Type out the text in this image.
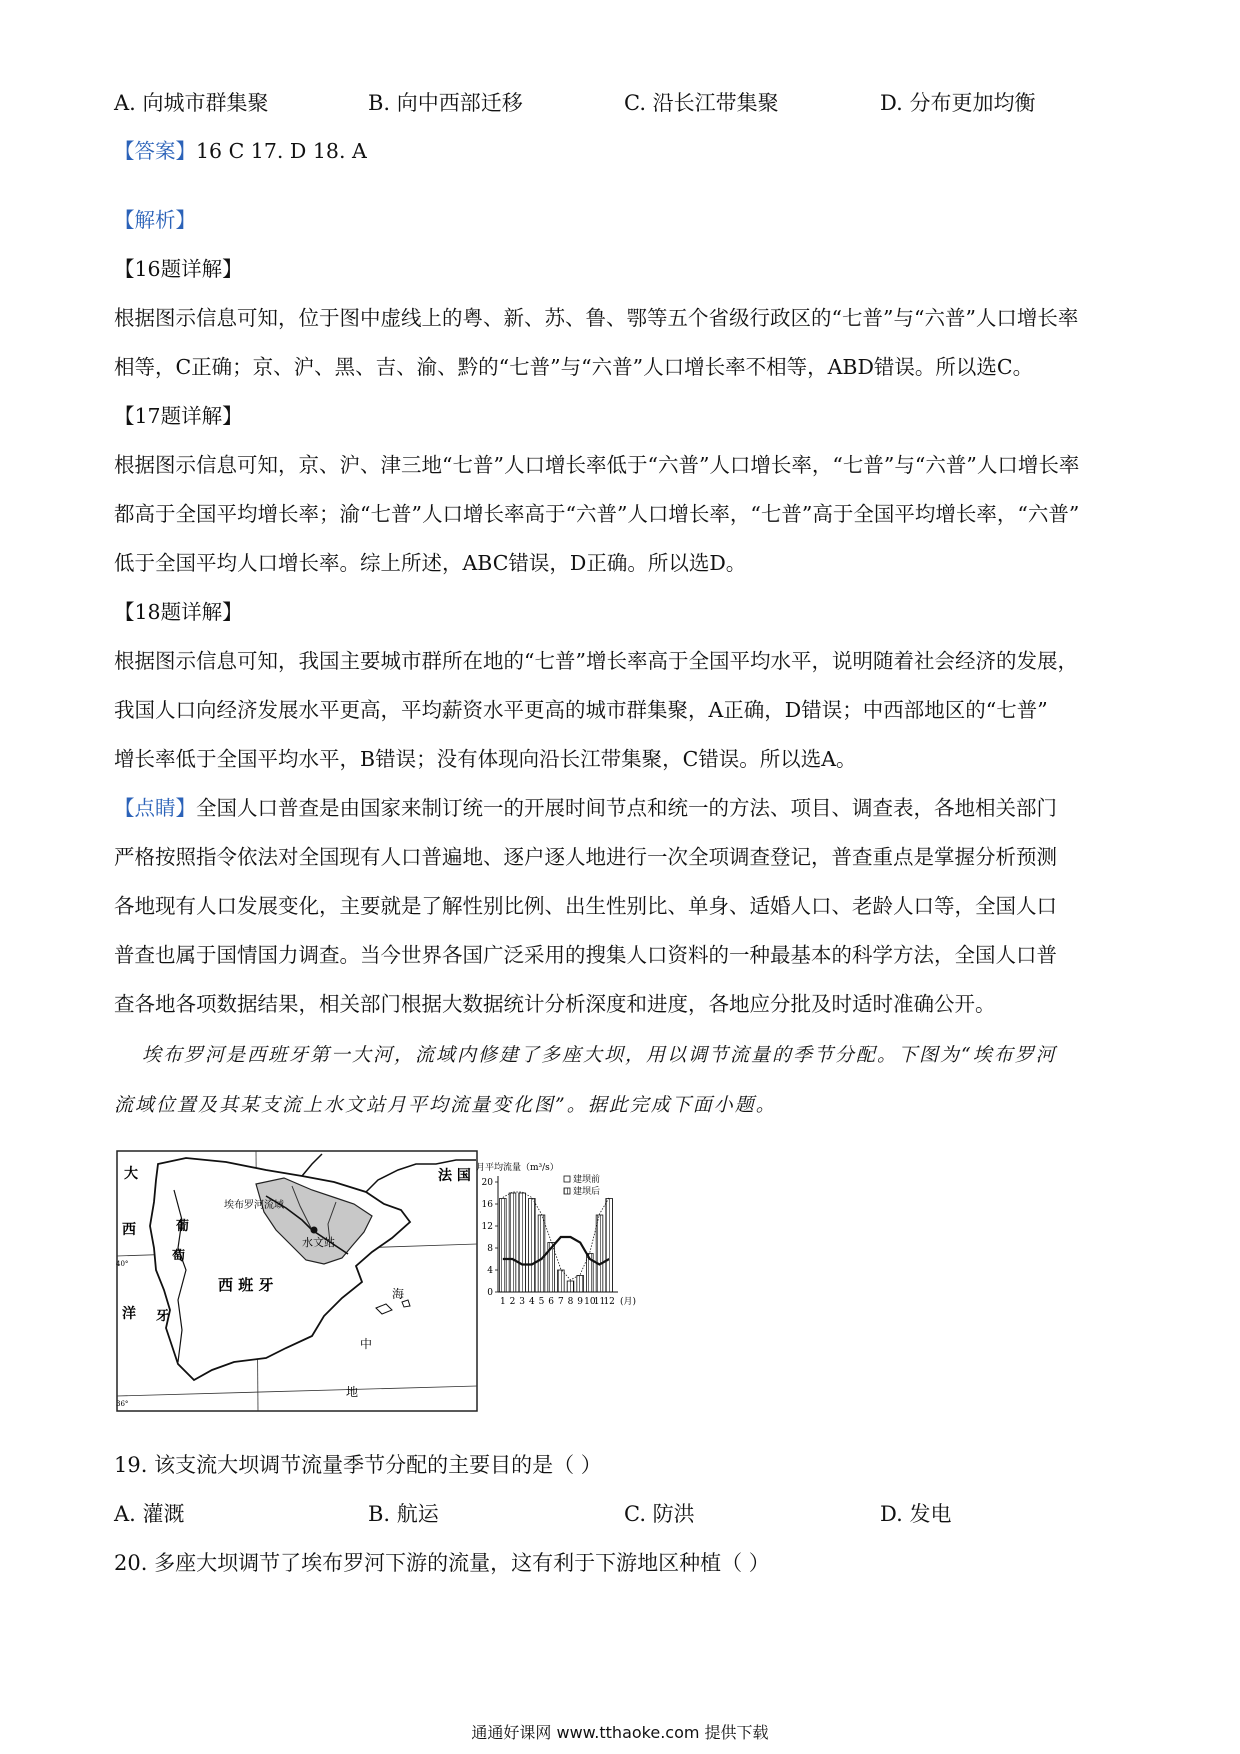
A. 向城市群集聚	B. 向中西部迁移	C. 沿长江带集聚	D. 分布更加均衡
【答案】16 C 17. D 18. A
【解析】
【16题详解】
根据图示信息可知，位于图中虚线上的粤、新、苏、鲁、鄂等五个省级行政区的“七普”与“六普”人口增长率
相等，C正确；京、沪、黑、吉、渝、黔的“七普”与“六普”人口增长率不相等，ABD错误。所以选C。
【17题详解】
根据图示信息可知，京、沪、津三地“七普”人口增长率低于“六普”人口增长率，“七普”与“六普”人口增长率
都高于全国平均增长率；渝“七普”人口增长率高于“六普”人口增长率，“七普”高于全国平均增长率，“六普”
低于全国平均人口增长率。综上所述，ABC错误，D正确。所以选D。
【18题详解】
根据图示信息可知，我国主要城市群所在地的“七普”增长率高于全国平均水平，说明随着社会经济的发展，
我国人口向经济发展水平更高，平均薪资水平更高的城市群集聚，A正确，D错误；中西部地区的“七普”
增长率低于全国平均水平，B错误；没有体现向沿长江带集聚，C错误。所以选A。
【点睛】全国人口普查是由国家来制订统一的开展时间节点和统一的方法、项目、调查表，各地相关部门
严格按照指令依法对全国现有人口普遍地、逐户逐人地进行一次全项调查登记，普查重点是掌握分析预测
各地现有人口发展变化，主要就是了解性别比例、出生性别比、单身、适婚人口、老龄人口等，全国人口
普查也属于国情国力调查。当今世界各国广泛采用的搜集人口资料的一种最基本的科学方法，全国人口普
查各地各项数据结果，相关部门根据大数据统计分析深度和进度，各地应分批及时适时准确公开。
埃布罗河是西班牙第一大河，流域内修建了多座大坝，用以调节流量的季节分配。下图为“埃布罗河
流域位置及其某支流上水文站月平均流量变化图”。据此完成下面小题。
法 国
埃布罗河流域
水文站
西 班 牙
葡
萄
牙
大
西
洋
海
中
地
40°
36°
月平均流量（m³/s）
0
4
8
12
16
20
1 2 3 4 5 6 7 8 9 10
11
12 (月)
建坝前
建坝后
19. 该支流大坝调节流量季节分配的主要目的是（ ）
A. 灌溉	B. 航运	C. 防洪	D. 发电
20. 多座大坝调节了埃布罗河下游的流量，这有利于下游地区种植（ ）
通通好课网 www.tthaoke.com 提供下载
